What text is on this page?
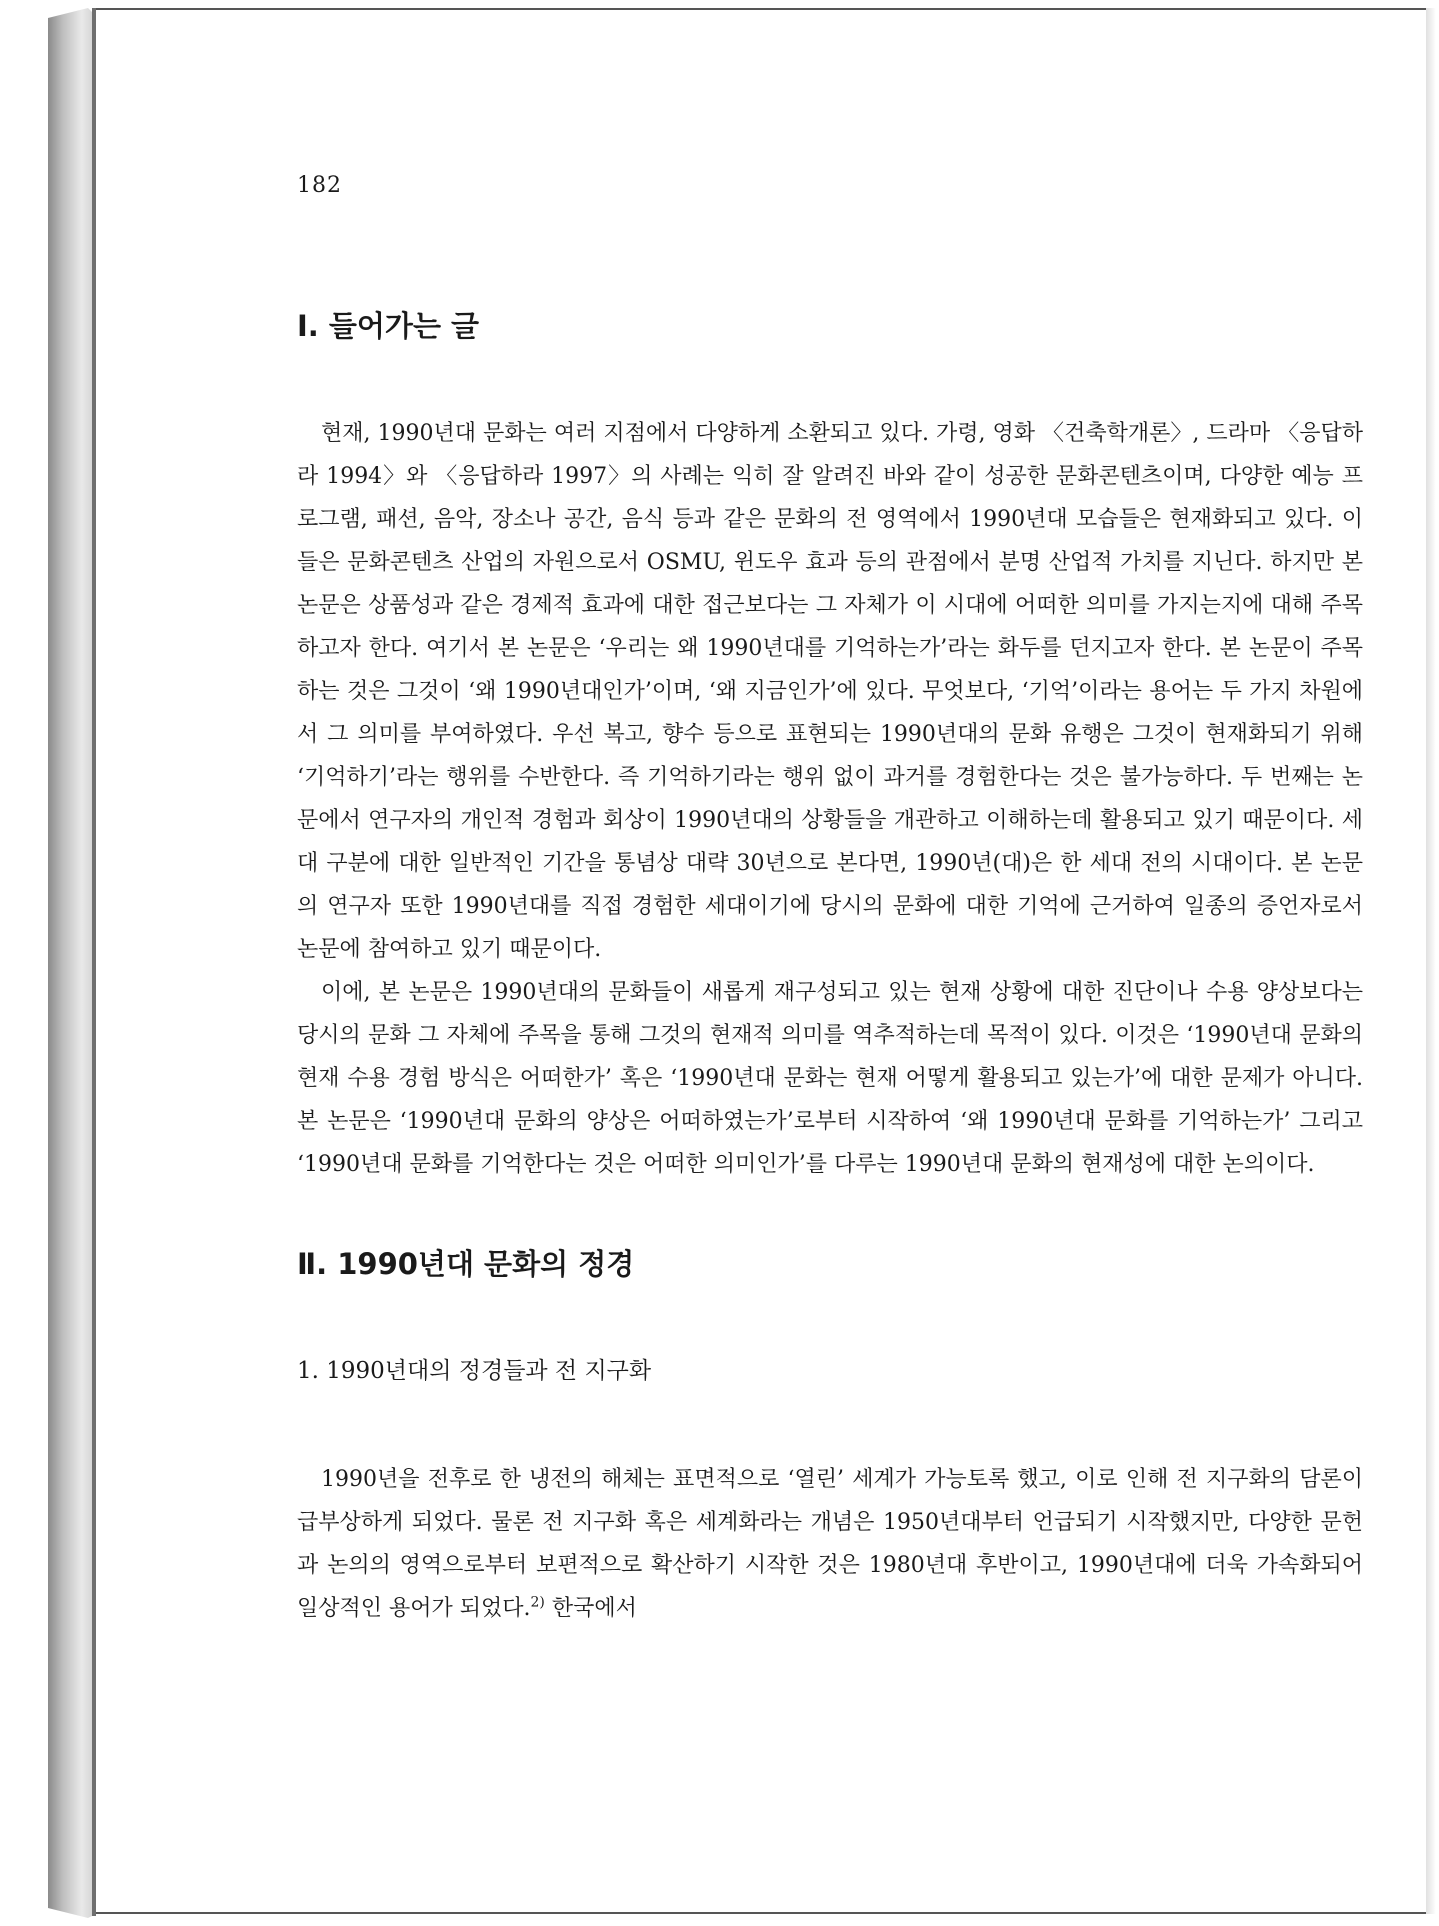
182
Ⅰ. 들어가는 글

현재, 1990년대 문화는 여러 지점에서 다양하게 소환되고 있다. 가령, 영화 〈건축학개론〉, 드라마 〈응답하라 1994〉와 〈응답하라 1997〉의 사례는 익히 잘 알려진 바와 같이 성공한 문화콘텐츠이며, 다양한 예능 프로그램, 패션, 음악, 장소나 공간, 음식 등과 같은 문화의 전 영역에서 1990년대 모습들은 현재화되고 있다. 이들은 문화콘텐츠 산업의 자원으로서 OSMU, 윈도우 효과 등의 관점에서 분명 산업적 가치를 지닌다. 하지만 본 논문은 상품성과 같은 경제적 효과에 대한 접근보다는 그 자체가 이 시대에 어떠한 의미를 가지는지에 대해 주목하고자 한다. 여기서 본 논문은 ‘우리는 왜 1990년대를 기억하는가’라는 화두를 던지고자 한다. 본 논문이 주목하는 것은 그것이 ‘왜 1990년대인가’이며, ‘왜 지금인가’에 있다. 무엇보다, ‘기억’이라는 용어는 두 가지 차원에서 그 의미를 부여하였다. 우선 복고, 향수 등으로 표현되는 1990년대의 문화 유행은 그것이 현재화되기 위해 ‘기억하기’라는 행위를 수반한다. 즉 기억하기라는 행위 없이 과거를 경험한다는 것은 불가능하다. 두 번째는 논문에서 연구자의 개인적 경험과 회상이 1990년대의 상황들을 개관하고 이해하는데 활용되고 있기 때문이다. 세대 구분에 대한 일반적인 기간을 통념상 대략 30년으로 본다면, 1990년(대)은 한 세대 전의 시대이다. 본 논문의 연구자 또한 1990년대를 직접 경험한 세대이기에 당시의 문화에 대한 기억에 근거하여 일종의 증언자로서 논문에 참여하고 있기 때문이다.

이에, 본 논문은 1990년대의 문화들이 새롭게 재구성되고 있는 현재 상황에 대한 진단이나 수용 양상보다는 당시의 문화 그 자체에 주목을 통해 그것의 현재적 의미를 역추적하는데 목적이 있다. 이것은 ‘1990년대 문화의 현재 수용 경험 방식은 어떠한가’ 혹은 ‘1990년대 문화는 현재 어떻게 활용되고 있는가’에 대한 문제가 아니다. 본 논문은 ‘1990년대 문화의 양상은 어떠하였는가’로부터 시작하여 ‘왜 1990년대 문화를 기억하는가’ 그리고 ‘1990년대 문화를 기억한다는 것은 어떠한 의미인가’를 다루는 1990년대 문화의 현재성에 대한 논의이다.

Ⅱ. 1990년대 문화의 정경
1. 1990년대의 정경들과 전 지구화

1990년을 전후로 한 냉전의 해체는 표면적으로 ‘열린’ 세계가 가능토록 했고, 이로 인해 전 지구화의 담론이 급부상하게 되었다. 물론 전 지구화 혹은 세계화라는 개념은 1950년대부터 언급되기 시작했지만, 다양한 문헌과 논의의 영역으로부터 보편적으로 확산하기 시작한 것은 1980년대 후반이고, 1990년대에 더욱 가속화되어 일상적인 용어가 되었다.$^{2)}$ 한국에서
